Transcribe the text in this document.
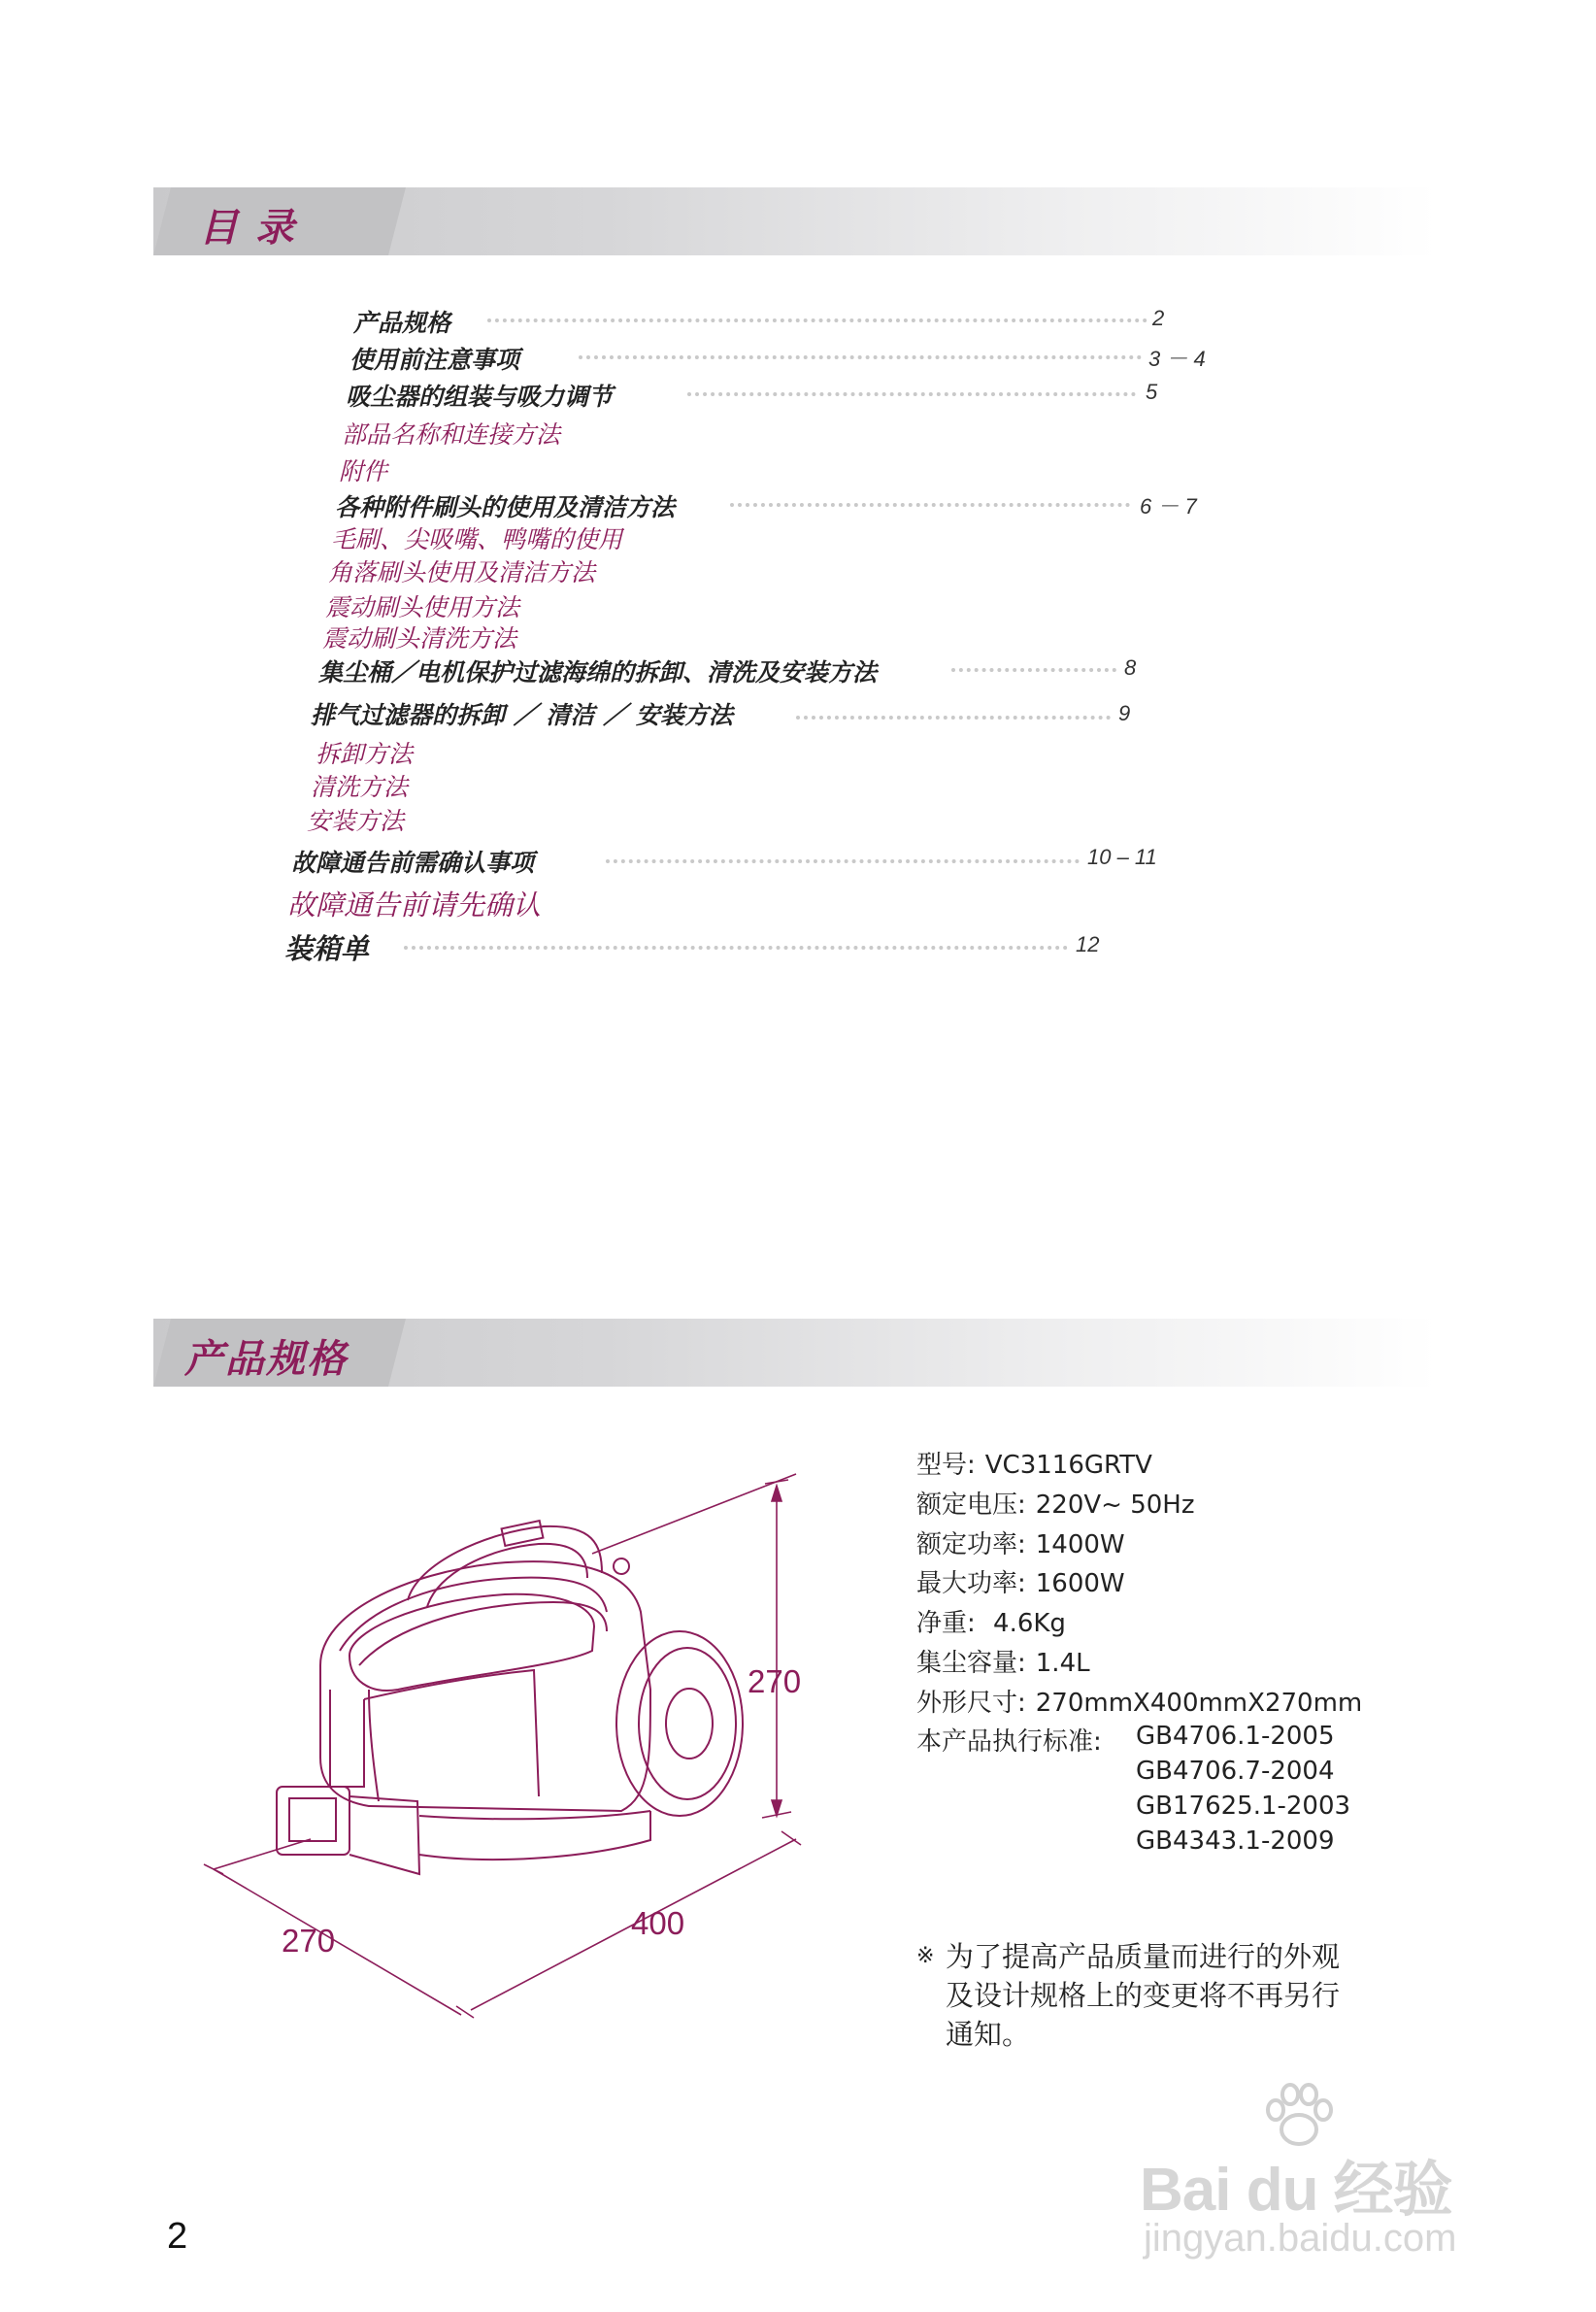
目 录
产品规格	2
使用前注意事项	3 － 4
吸尘器的组装与吸力调节	5
部品名称和连接方法
附件
各种附件刷头的使用及清洁方法	6 － 7
毛刷、尖吸嘴、鸭嘴的使用
角落刷头使用及清洁方法
震动刷头使用方法
震动刷头清洗方法
集尘桶／电机保护过滤海绵的拆卸、清洗及安装方法	8
排气过滤器的拆卸 ／ 清洁 ／ 安装方法	9
拆卸方法
清洗方法
安装方法
故障通告前需确认事项	10 – 11
故障通告前请先确认
装箱单	12
产品规格
270
400
270
型号: VC3116GRTV
额定电压: 220V~ 50Hz
额定功率: 1400W
最大功率: 1600W
净重: 4.6Kg
集尘容量: 1.4L
外形尺寸: 270mmX400mmX270mm
本产品执行标准: GB4706.1-2005
GB4706.7-2004
GB17625.1-2003
GB4343.1-2009
※ 为了提高产品质量而进行的外观
及设计规格上的变更将不再另行
通知。
2
Bai du 经验
jingyan.baidu.com
